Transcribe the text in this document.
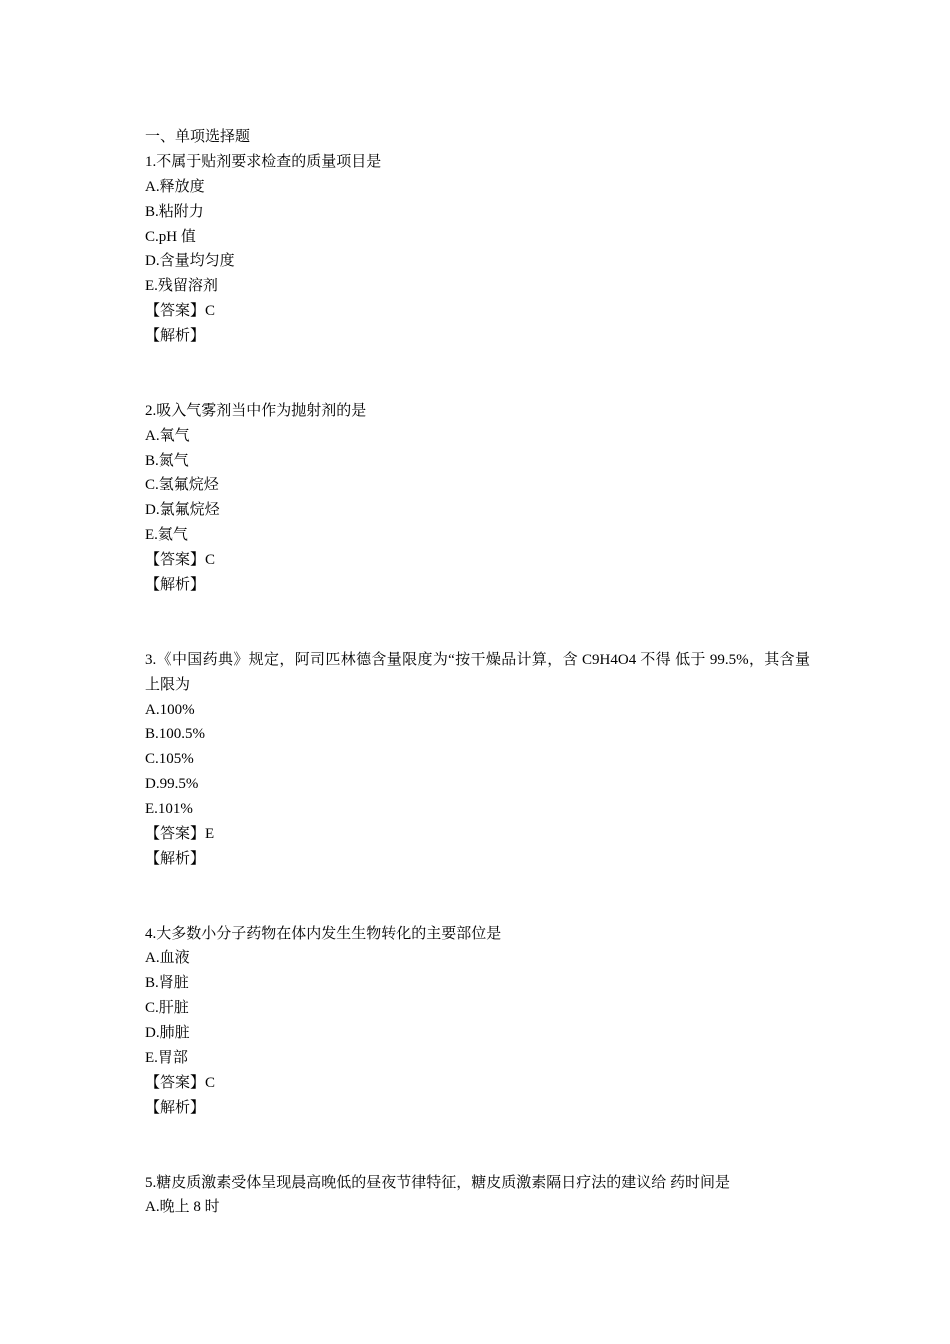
一、单项选择题
1.不属于贴剂要求检查的质量项目是
A.释放度
B.粘附力
C.pH 值
D.含量均匀度
E.残留溶剂
【答案】C
【解析】
2.吸入气雾剂当中作为抛射剂的是
A.氧气
B.氮气
C.氢氟烷烃
D.氯氟烷烃
E.氦气
【答案】C
【解析】
3.《中国药典》规定，阿司匹林德含量限度为“按干燥品计算，含 C9H4O4 不得 低于 99.5%，其含量上限为
A.100%
B.100.5%
C.105%
D.99.5%
E.101%
【答案】E
【解析】
4.大多数小分子药物在体内发生生物转化的主要部位是
A.血液
B.肾脏
C.肝脏
D.肺脏
E.胃部
【答案】C
【解析】
5.糖皮质激素受体呈现晨高晚低的昼夜节律特征，糖皮质激素隔日疗法的建议给 药时间是
A.晚上 8 时
